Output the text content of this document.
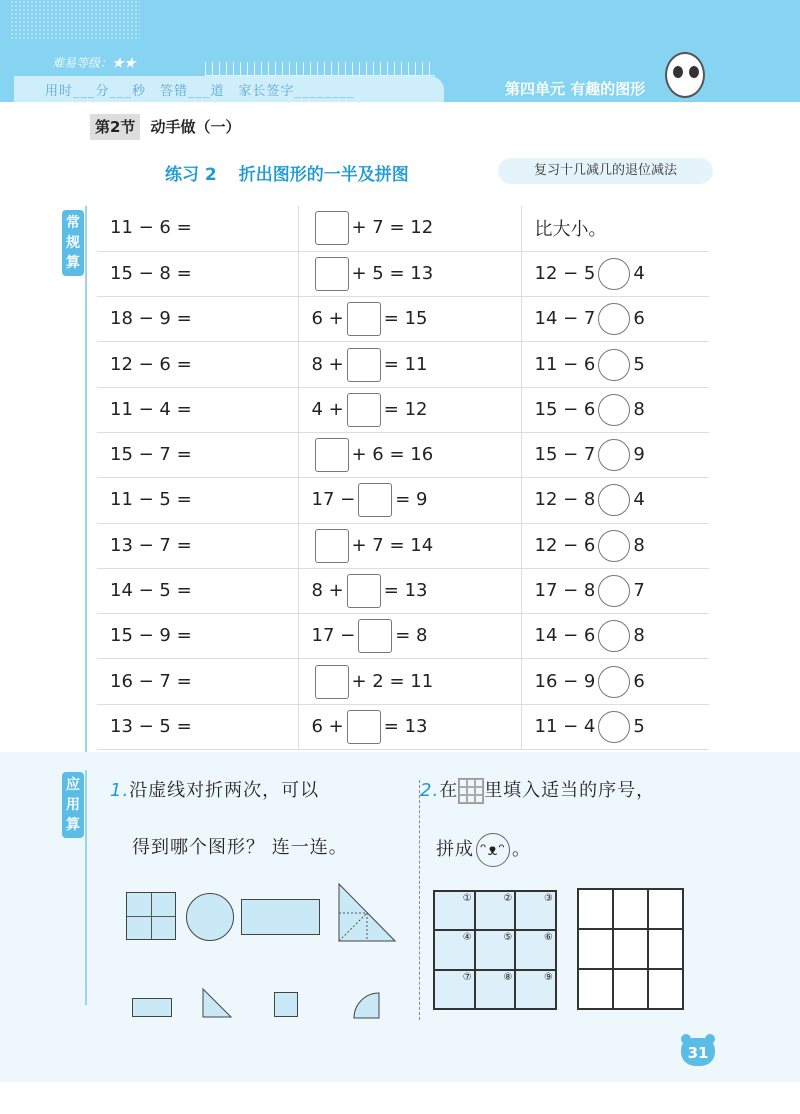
难易等级：★★
用时___分___秒　答错___道　家长签字________	第四单元 有趣的图形
第2节 动手做（一）
练习 2 折出图形的一半及拼图	复习十几减几的退位减法
常规算
11 − 6 =	+ 7 = 12	比大小。
15 − 8 =	+ 5 = 13	12 − 5 4
18 − 9 =	6 + = 15	14 − 7 6
12 − 6 =	8 + = 11	11 − 6 5
11 − 4 =	4 + = 12	15 − 6 8
15 − 7 =	+ 6 = 16	15 − 7 9
11 − 5 =	17 − = 9	12 − 8 4
13 − 7 =	+ 7 = 14	12 − 6 8
14 − 5 =	8 + = 13	17 − 8 7
15 − 9 =	17 − = 8	14 − 6 8
16 − 7 =	+ 2 = 11	16 − 9 6
13 − 5 =	6 + = 13	11 − 4 5
应用算
1.沿虚线对折两次，可以
得到哪个图形？ 连一连。
2.在 里填入适当的序号，
拼成 ᵔᴥᵔ 。
①	②	③
④	⑤	⑥
⑦	⑧	⑨
31
